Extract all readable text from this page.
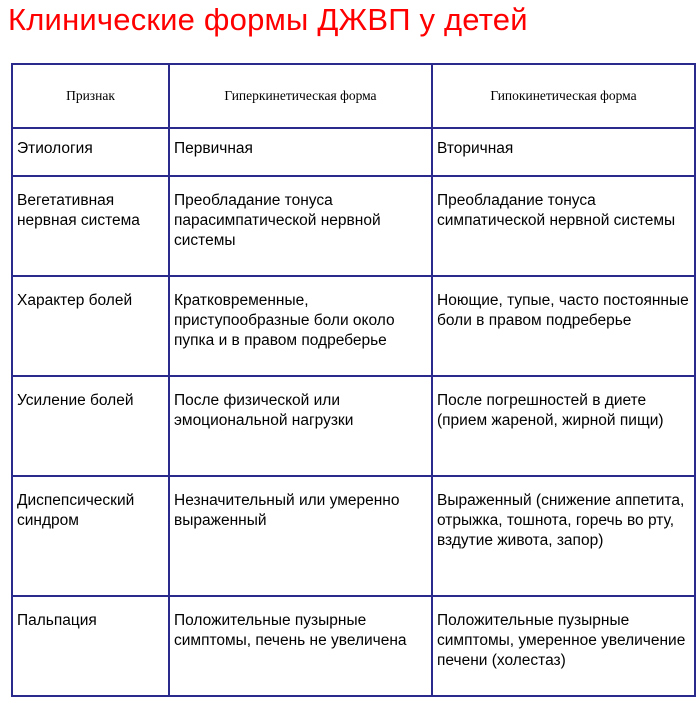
Клинические формы ДЖВП у детей
Признак	Гиперкинетическая форма	Гипокинетическая форма
Этиология	Первичная	Вторичная
Вегетативная нервная система	Преобладание тонуса парасимпатической нервной системы	Преобладание тонуса симпатической нервной системы
Характер болей	Кратковременные, приступообразные боли около пупка и в правом подреберье	Ноющие, тупые, часто постоянные боли в правом подреберье
Усиление болей	После физической или эмоциональной нагрузки	После погрешностей в диете (прием жареной, жирной пищи)
Диспепсический синдром	Незначительный или умеренно выраженный	Выраженный (снижение аппетита, отрыжка, тошнота, горечь во рту, вздутие живота, запор)
Пальпация	Положительные пузырные симптомы, печень не увеличена	Положительные пузырные симптомы, умеренное увеличение печени (холестаз)
